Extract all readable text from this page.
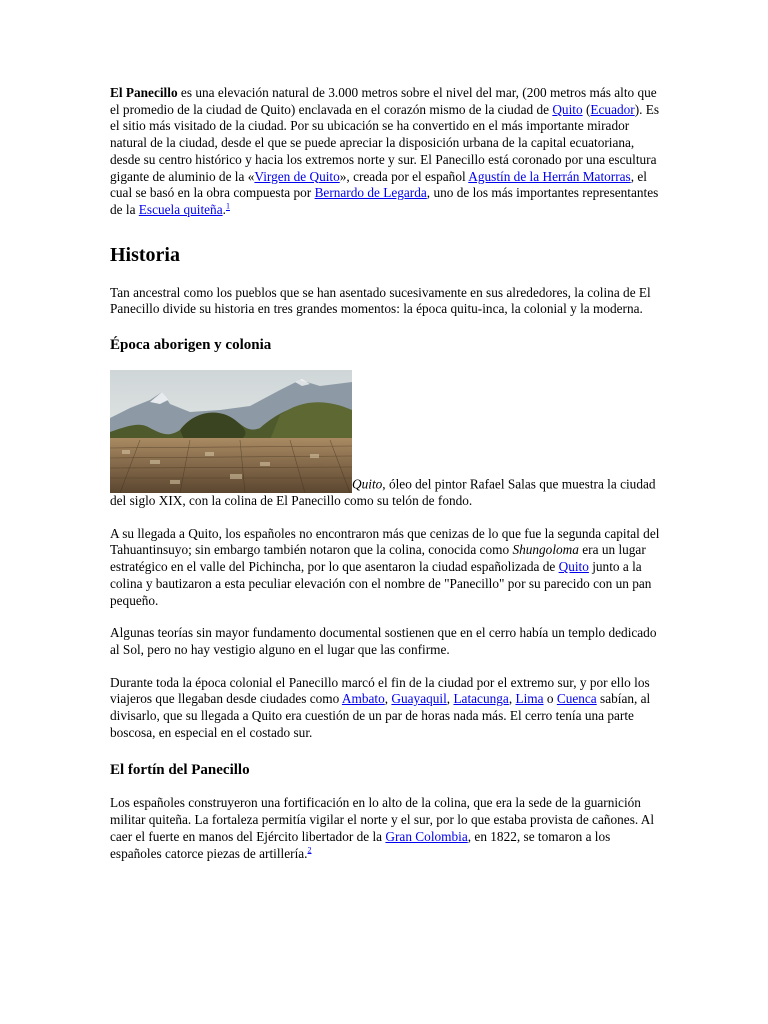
El Panecillo es una elevación natural de 3.000 metros sobre el nivel del mar, (200 metros más alto que el promedio de la ciudad de Quito) enclavada en el corazón mismo de la ciudad de Quito (Ecuador). Es el sitio más visitado de la ciudad. Por su ubicación se ha convertido en el más importante mirador natural de la ciudad, desde el que se puede apreciar la disposición urbana de la capital ecuatoriana, desde su centro histórico y hacia los extremos norte y sur. El Panecillo está coronado por una escultura gigante de aluminio de la «Virgen de Quito», creada por el español Agustín de la Herrán Matorras, el cual se basó en la obra compuesta por Bernardo de Legarda, uno de los más importantes representantes de la Escuela quiteña.$^1$

Historia

Tan ancestral como los pueblos que se han asentado sucesivamente en sus alrededores, la colina de El Panecillo divide su historia en tres grandes momentos: la época quitu-inca, la colonial y la moderna.

Época aborigen y colonia

Quito, óleo del pintor Rafael Salas que muestra la ciudad del siglo XIX, con la colina de El Panecillo como su telón de fondo.

A su llegada a Quito, los españoles no encontraron más que cenizas de lo que fue la segunda capital del Tahuantinsuyo; sin embargo también notaron que la colina, conocida como Shungoloma era un lugar estratégico en el valle del Pichincha, por lo que asentaron la ciudad españolizada de Quito junto a la colina y bautizaron a esta peculiar elevación con el nombre de "Panecillo" por su parecido con un pan pequeño.

Algunas teorías sin mayor fundamento documental sostienen que en el cerro había un templo dedicado al Sol, pero no hay vestigio alguno en el lugar que las confirme.

Durante toda la época colonial el Panecillo marcó el fin de la ciudad por el extremo sur, y por ello los viajeros que llegaban desde ciudades como Ambato, Guayaquil, Latacunga, Lima o Cuenca sabían, al divisarlo, que su llegada a Quito era cuestión de un par de horas nada más. El cerro tenía una parte boscosa, en especial en el costado sur.

El fortín del Panecillo

Los españoles construyeron una fortificación en lo alto de la colina, que era la sede de la guarnición militar quiteña. La fortaleza permitía vigilar el norte y el sur, por lo que estaba provista de cañones. Al caer el fuerte en manos del Ejército libertador de la Gran Colombia, en 1822, se tomaron a los españoles catorce piezas de artillería.$^2$
